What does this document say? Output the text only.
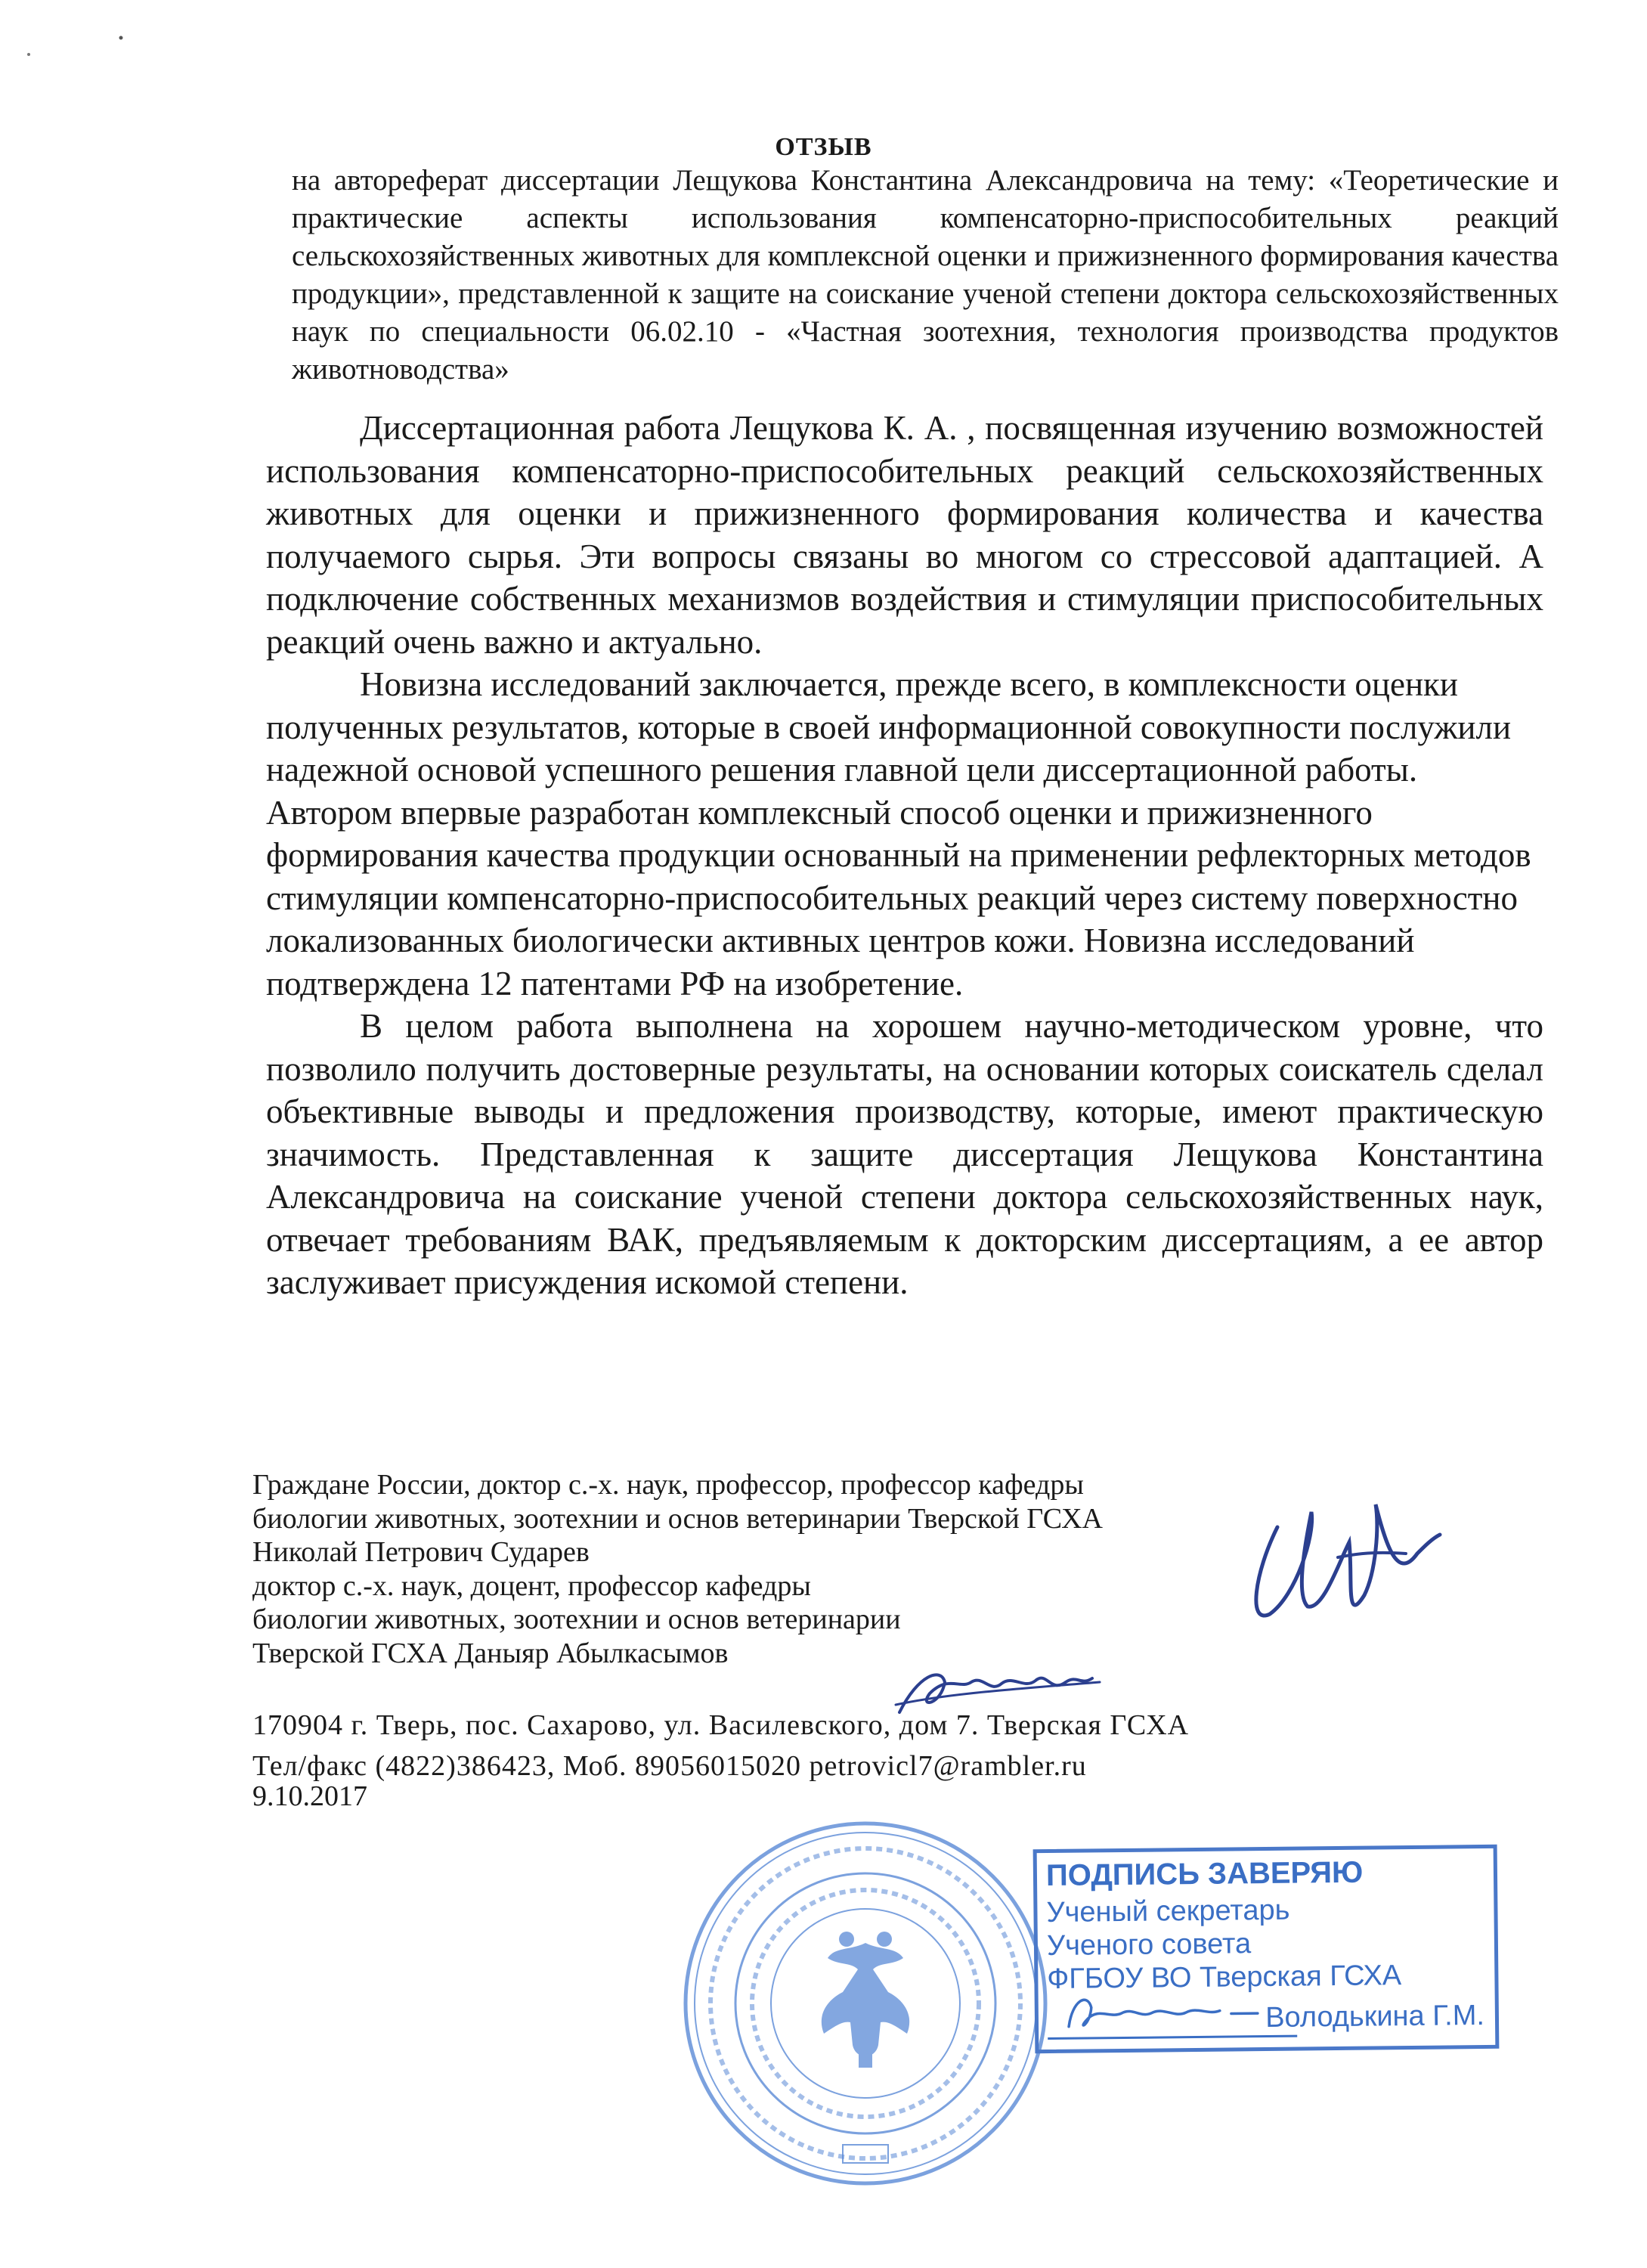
ОТЗЫВ
на автореферат диссертации Лещукова Константина Александровича на тему: «Теоретические и практические аспекты использования компенсаторно-приспособительных реакций сельскохозяйственных животных для комплексной оценки и прижизненного формирования качества продукции», представленной к защите на соискание ученой степени доктора сельскохозяйственных наук по специальности 06.02.10 - «Частная зоотехния, технология производства продуктов животноводства»

Диссертационная работа Лещукова К. А. , посвященная изучению возможностей использования компенсаторно-приспособительных реакций сельскохозяйственных животных для оценки и прижизненного формирования количества и качества получаемого сырья. Эти вопросы связаны во многом со стрессовой адаптацией. А подключение собственных механизмов воздействия и стимуляции приспособительных реакций очень важно и актуально.

Новизна исследований заключается, прежде всего, в комплексности оценки полученных результатов, которые в своей информационной совокупности послужили надежной основой успешного решения главной цели диссертационной работы. Автором впервые разработан комплексный способ оценки и прижизненного формирования качества продукции основанный на применении рефлекторных методов стимуляции компенсаторно-приспособительных реакций через систему поверхностно локализованных биологически активных центров кожи. Новизна исследований подтверждена 12 патентами РФ на изобретение.

В целом работа выполнена на хорошем научно-методическом уровне, что позволило получить достоверные результаты, на основании которых соискатель сделал объективные выводы и предложения производству, которые, имеют практическую значимость. Представленная к защите диссертация Лещукова Константина Александровича на соискание ученой степени доктора сельскохозяйственных наук, отвечает требованиям ВАК, предъявляемым к докторским диссертациям, а ее автор заслуживает присуждения искомой степени.

Граждане России, доктор с.-х. наук, профессор, профессор кафедры
биологии животных, зоотехнии и основ ветеринарии Тверской ГСХА
Николай Петрович Сударев
доктор с.-х. наук, доцент, профессор кафедры
биологии животных, зоотехнии и основ ветеринарии
Тверской ГСХА Даныяр Абылкасымов
170904 г. Тверь, пос. Сахарово, ул. Василевского, дом 7. Тверская ГСХА
Тел/факс (4822)386423, Моб. 89056015020 petrovicl7@rambler.ru
9.10.2017
ПОДПИСЬ ЗАВЕРЯЮ
Ученый секретарь
Ученого совета
ФГБОУ ВО Тверская ГСХА
Володькина Г.М.
